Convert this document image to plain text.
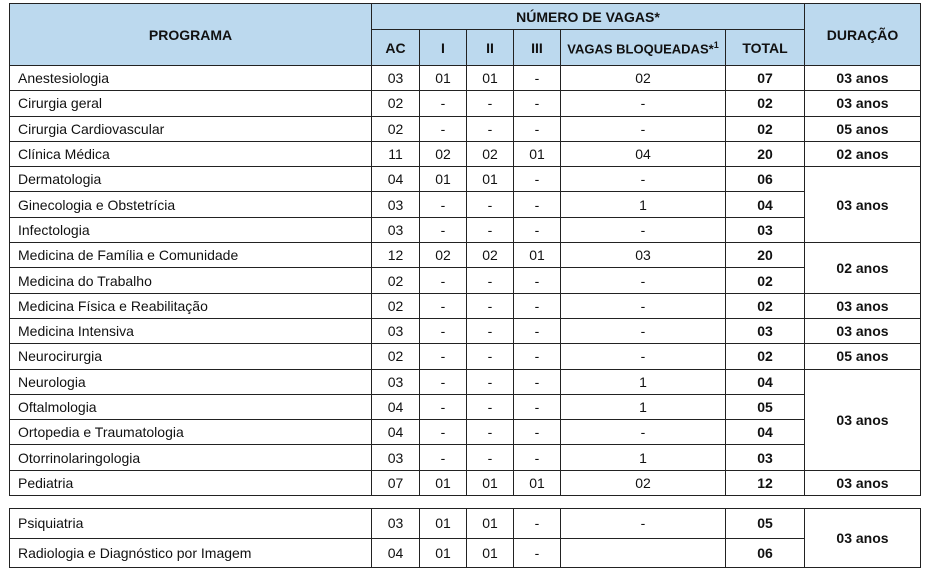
PROGRAMA	NÚMERO DE VAGAS*						DURAÇÃO
	AC	I	II	III	VAGAS BLOQUEADAS*$^1$	TOTAL	
Anestesiologia	03	01	01	-	02	07	03 anos
Cirurgia geral	02	-	-	-	-	02	03 anos
Cirurgia Cardiovascular	02	-	-	-	-	02	05 anos
Clínica Médica	11	02	02	01	04	20	02 anos
Dermatologia	04	01	01	-	-	06	03 anos
Ginecologia e Obstetrícia	03	-	-	-	1	04	
Infectologia	03	-	-	-	-	03	
Medicina de Família e Comunidade	12	02	02	01	03	20	02 anos
Medicina do Trabalho	02	-	-	-	-	02	
Medicina Física e Reabilitação	02	-	-	-	-	02	03 anos
Medicina Intensiva	03	-	-	-	-	03	03 anos
Neurocirurgia	02	-	-	-	-	02	05 anos
Neurologia	03	-	-	-	1	04	03 anos
Oftalmologia	04	-	-	-	1	05	
Ortopedia e Traumatologia	04	-	-	-	-	04	
Otorrinolaringologia	03	-	-	-	1	03	
Pediatria	07	01	01	01	02	12	03 anos
Psiquiatria	03	01	01	-	-	05	03 anos
Radiologia e Diagnóstico por Imagem	04	01	01	-		06	
